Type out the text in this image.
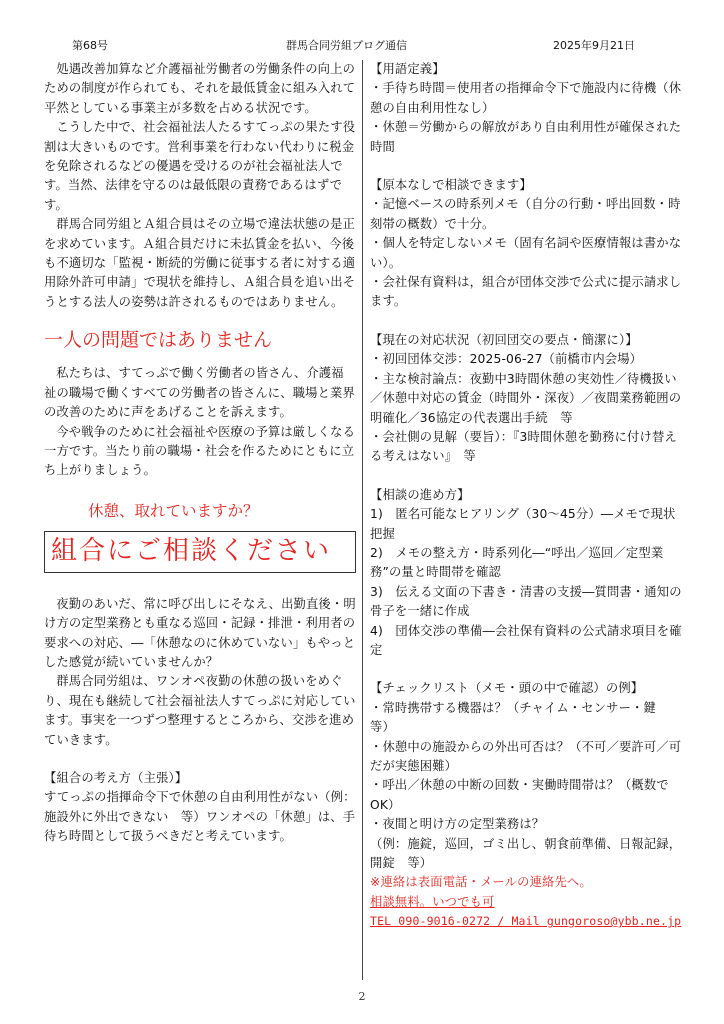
第68号	群馬合同労組ブログ通信	2025年9月21日

処遇改善加算など介護福祉労働者の労働条件の向上のための制度が作られても、それを最低賃金に組み入れて平然としている事業主が多数を占める状況です。

こうした中で、社会福祉法人たるすてっぷの果たす役割は大きいものです。営利事業を行わない代わりに税金を免除されるなどの優遇を受けるのが社会福祉法人です。当然、法律を守るのは最低限の責務であるはずです。

群馬合同労組とＡ組合員はその立場で違法状態の是正を求めています。Ａ組合員だけに未払賃金を払い、今後も不適切な「監視・断続的労働に従事する者に対する適用除外許可申請」で現状を維持し、Ａ組合員を追い出そうとする法人の姿勢は許されるものではありません。

一人の問題ではありません

私たちは、すてっぷで働く労働者の皆さん、介護福祉の職場で働くすべての労働者の皆さんに、職場と業界の改善のために声をあげることを訴えます。

今や戦争のために社会福祉や医療の予算は厳しくなる一方です。当たり前の職場・社会を作るためにともに立ち上がりましょう。

休憩、取れていますか？
組合にご相談ください

夜勤のあいだ、常に呼び出しにそなえ、出勤直後・明け方の定型業務とも重なる巡回・記録・排泄・利用者の要求への対応、―「休憩なのに休めていない」もやっとした感覚が続いていませんか？

群馬合同労組は、ワンオペ夜勤の休憩の扱いをめぐり、現在も継続して社会福祉法人すてっぷに対応しています。事実を一つずつ整理するところから、交渉を進めていきます。

【組合の考え方（主張）】

すてっぷの指揮命令下で休憩の自由利用性がない（例：施設外に外出できない　等）ワンオペの「休憩」は、手待ち時間として扱うべきだと考えています。

【用語定義】

・手待ち時間＝使用者の指揮命令下で施設内に待機（休憩の自由利用性なし）

・休憩＝労働からの解放があり自由利用性が確保された時間

【原本なしで相談できます】

・記憶ベースの時系列メモ（自分の行動・呼出回数・時刻帯の概数）で十分。

・個人を特定しないメモ（固有名詞や医療情報は書かない）。

・会社保有資料は，組合が団体交渉で公式に提示請求します。

【現在の対応状況（初回団交の要点・簡潔に）】

・初回団体交渉：2025-06-27（前橋市内会場）

・主な検討論点：夜勤中3時間休憩の実効性／待機扱い／休憩中対応の賃金（時間外・深夜）／夜間業務範囲の明確化／36協定の代表選出手続　等

・会社側の見解（要旨）：『3時間休憩を勤務に付け替える考えはない』　等

【相談の進め方】

1)　匿名可能なヒアリング（30～45分）―メモで現状把握

2)　メモの整え方・時系列化―“呼出／巡回／定型業務”の量と時間帯を確認

3)　伝える文面の下書き・清書の支援―質問書・通知の骨子を一緒に作成

4)　団体交渉の準備―会社保有資料の公式請求項目を確定

【チェックリスト（メモ・頭の中で確認）の例】

・常時携帯する機器は？（チャイム・センサー・鍵　等）

・休憩中の施設からの外出可否は？（不可／要許可／可だが実態困難）

・呼出／休憩の中断の回数・実働時間帯は？（概数でOK）

・夜間と明け方の定型業務は？

（例：施錠，巡回，ゴミ出し、朝食前準備、日報記録，開錠　等）

※連絡は表面電話・メールの連絡先へ。

相談無料。いつでも可

TEL 090-9016-0272 / Mail gungoroso@ybb.ne.jp

2
